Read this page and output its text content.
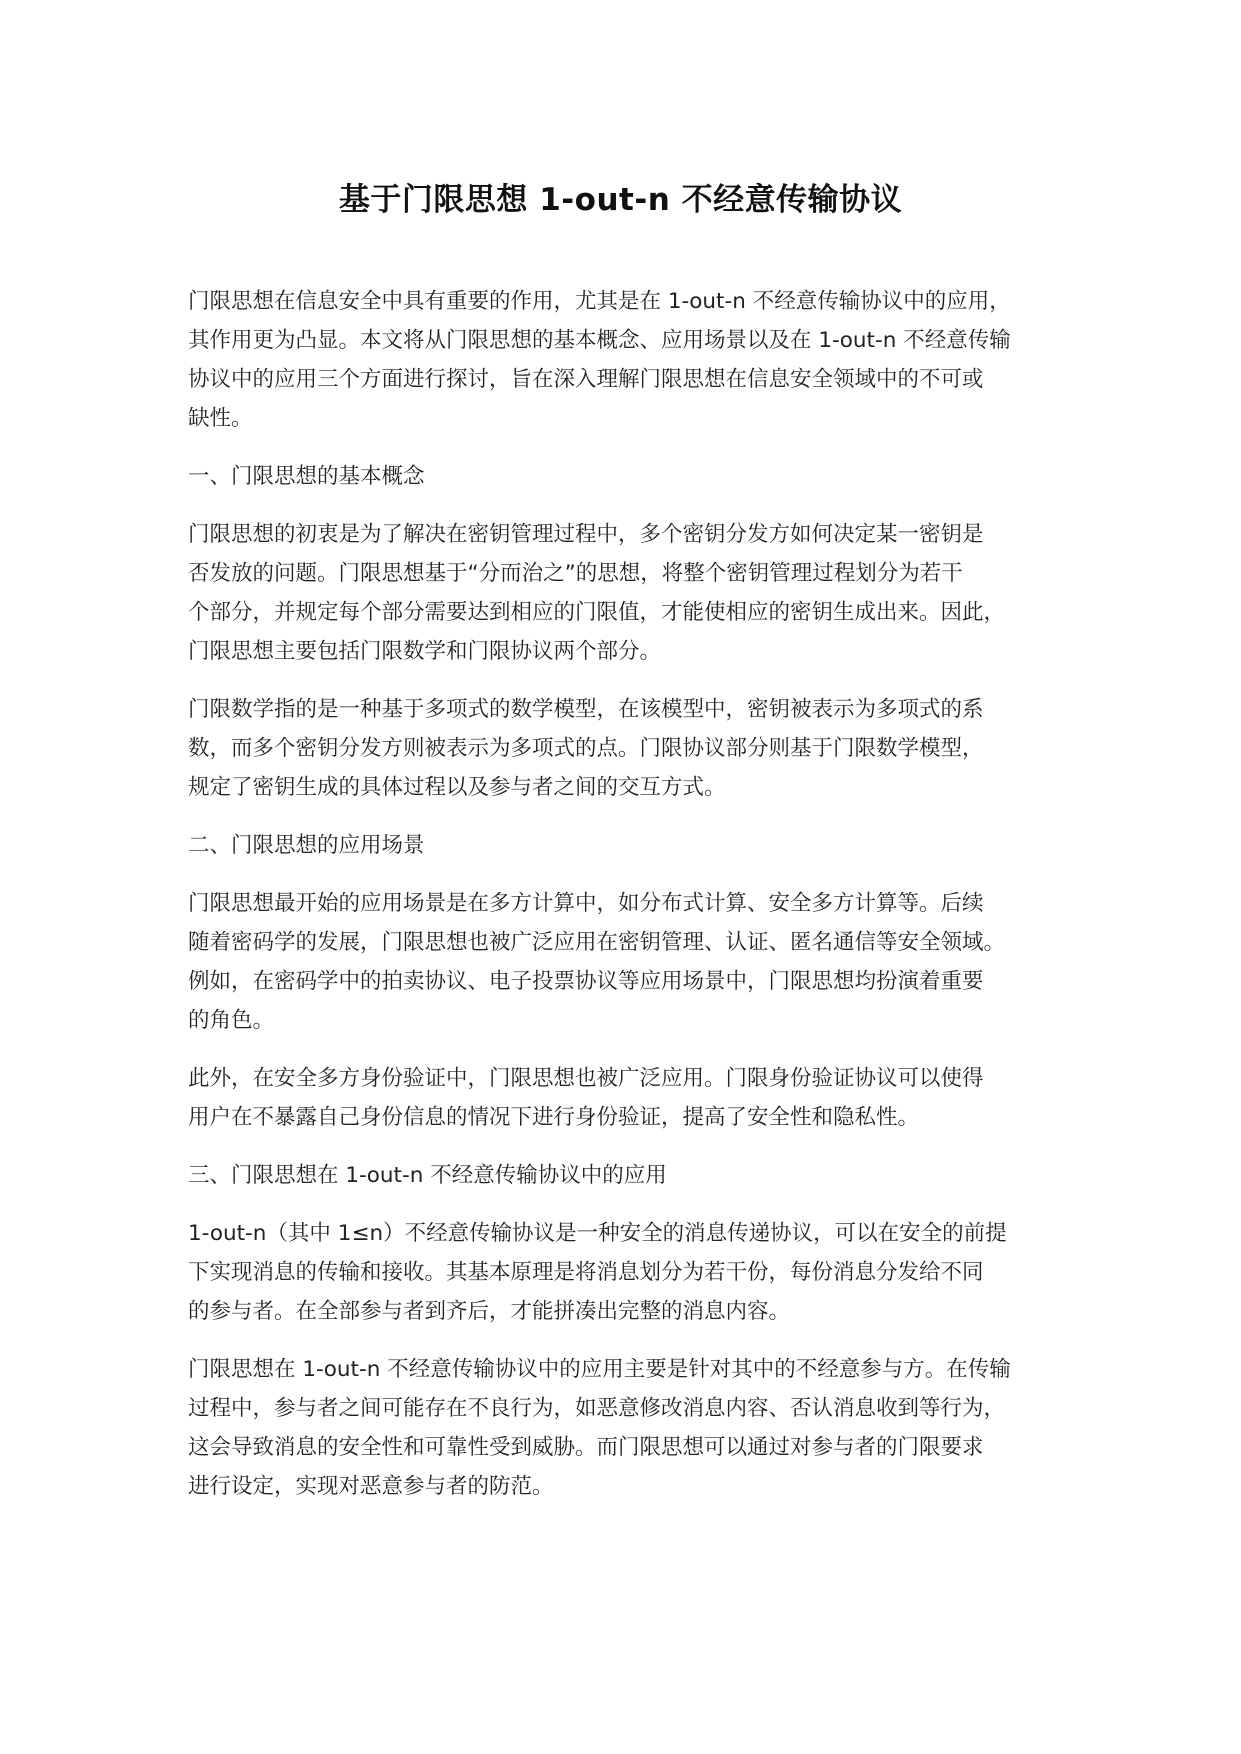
基于门限思想 1-out-n 不经意传输协议
门限思想在信息安全中具有重要的作用，尤其是在 1-out-n 不经意传输协议中的应用，
其作用更为凸显。本文将从门限思想的基本概念、应用场景以及在 1-out-n 不经意传输
协议中的应用三个方面进行探讨，旨在深入理解门限思想在信息安全领域中的不可或
缺性。
一、门限思想的基本概念
门限思想的初衷是为了解决在密钥管理过程中，多个密钥分发方如何决定某一密钥是
否发放的问题。门限思想基于“分而治之”的思想，将整个密钥管理过程划分为若干
个部分，并规定每个部分需要达到相应的门限值，才能使相应的密钥生成出来。因此，
门限思想主要包括门限数学和门限协议两个部分。
门限数学指的是一种基于多项式的数学模型，在该模型中，密钥被表示为多项式的系
数，而多个密钥分发方则被表示为多项式的点。门限协议部分则基于门限数学模型，
规定了密钥生成的具体过程以及参与者之间的交互方式。
二、门限思想的应用场景
门限思想最开始的应用场景是在多方计算中，如分布式计算、安全多方计算等。后续
随着密码学的发展，门限思想也被广泛应用在密钥管理、认证、匿名通信等安全领域。
例如，在密码学中的拍卖协议、电子投票协议等应用场景中，门限思想均扮演着重要
的角色。
此外，在安全多方身份验证中，门限思想也被广泛应用。门限身份验证协议可以使得
用户在不暴露自己身份信息的情况下进行身份验证，提高了安全性和隐私性。
三、门限思想在 1-out-n 不经意传输协议中的应用
1-out-n（其中 1≤n）不经意传输协议是一种安全的消息传递协议，可以在安全的前提
下实现消息的传输和接收。其基本原理是将消息划分为若干份，每份消息分发给不同
的参与者。在全部参与者到齐后，才能拼凑出完整的消息内容。
门限思想在 1-out-n 不经意传输协议中的应用主要是针对其中的不经意参与方。在传输
过程中，参与者之间可能存在不良行为，如恶意修改消息内容、否认消息收到等行为，
这会导致消息的安全性和可靠性受到威胁。而门限思想可以通过对参与者的门限要求
进行设定，实现对恶意参与者的防范。
